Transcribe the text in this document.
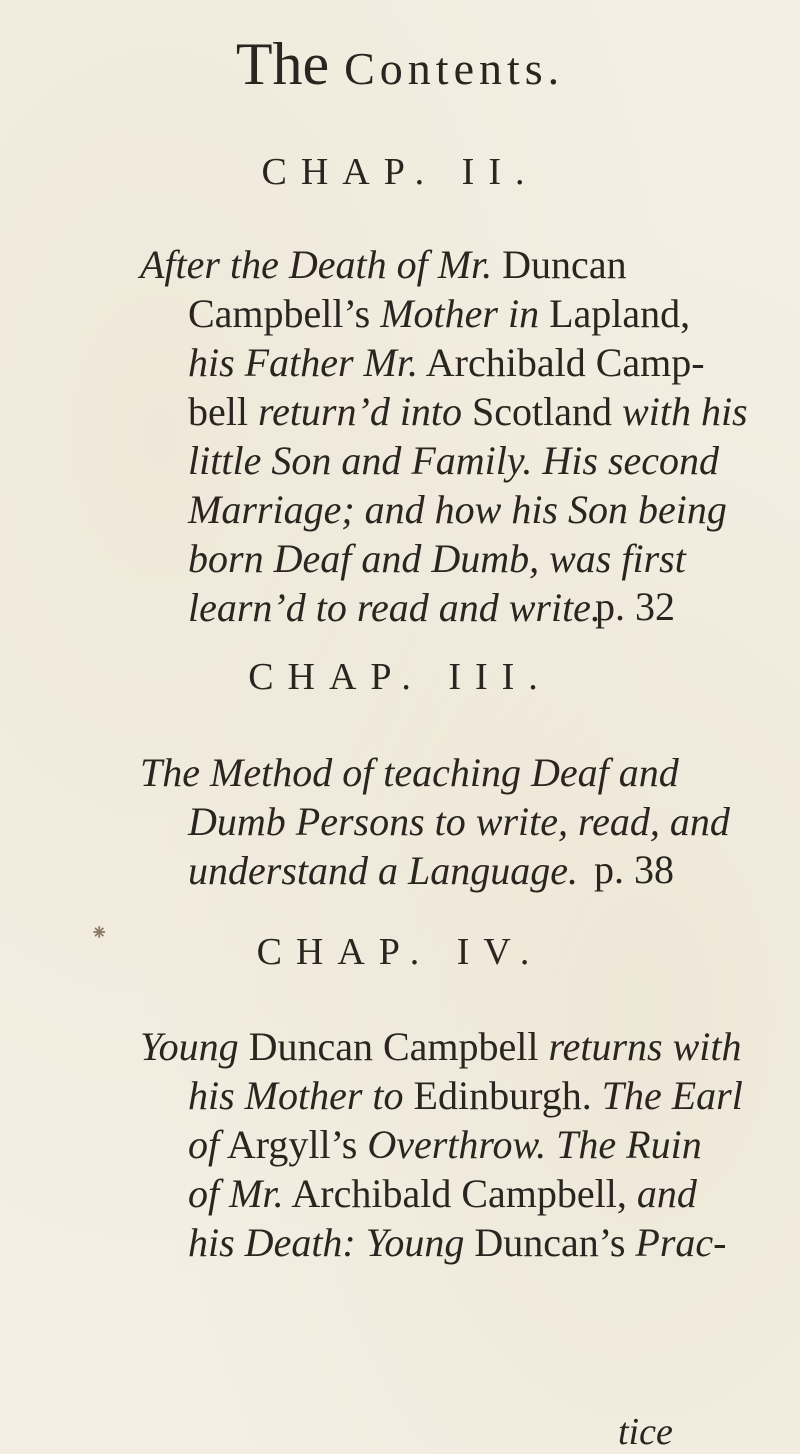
The Contents.
CHAP. II.
After the Death of Mr. Duncan
Campbell’s Mother in Lapland,
his Father Mr. Archibald Camp-
bell return’d into Scotland with his
little Son and Family. His second
Marriage; and how his Son being
born Deaf and Dumb, was first
learn’d to read and write.
p. 32
CHAP. III.
The Method of teaching Deaf and
Dumb Persons to write, read, and
understand a Language. p. 38
CHAP. IV.
Young Duncan Campbell returns with
his Mother to Edinburgh. The Earl
of Argyll’s Overthrow. The Ruin
of Mr. Archibald Campbell, and
his Death: Young Duncan’s Prac-
tice
⁕
